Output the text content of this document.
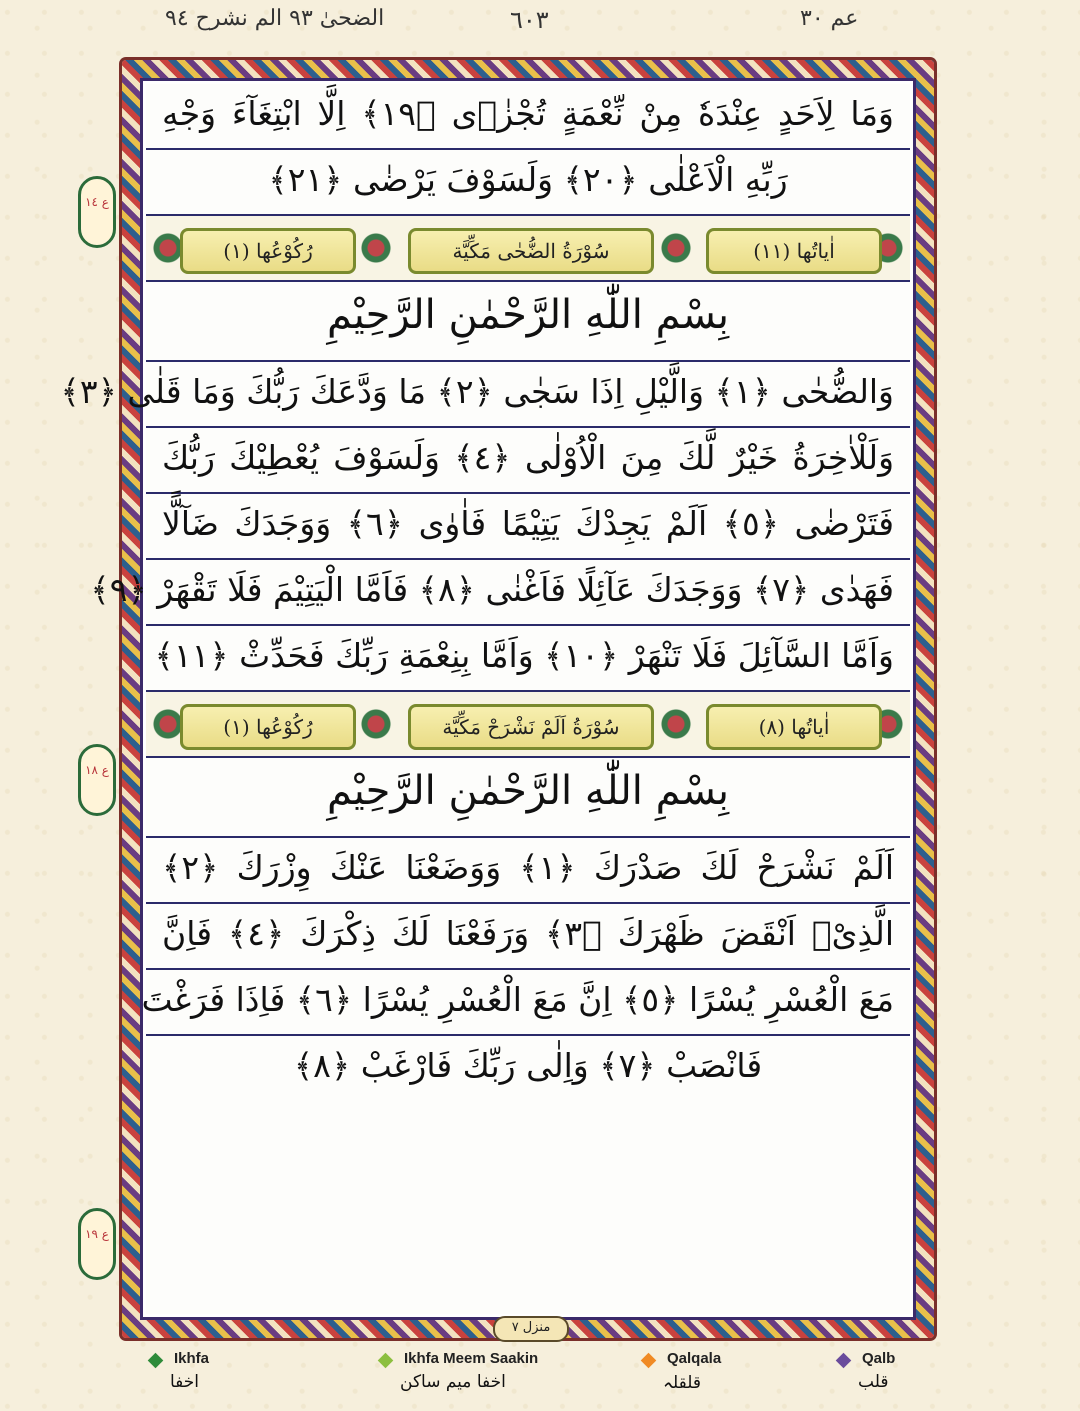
الضحیٰ ٩٣ الم نشرح ٩٤	٦٠٣	عم ٣٠
وَمَا لِاَحَدٍ عِنْدَهٗ مِنْ نِّعْمَةٍ تُجْزٰۤى ﴿١٩﴾ اِلَّا ابْتِغَآءَ وَجْهِ
رَبِّهِ الْاَعْلٰى ﴿٢٠﴾ وَلَسَوْفَ يَرْضٰى ﴿٢١﴾
رُکُوْعُها (١)	سُوْرَةُ الضُّحٰی مَکِّیَّة	اٰیاتُها (١١)
بِسْمِ اللّٰهِ الرَّحْمٰنِ الرَّحِيْمِ
وَالضُّحٰى ﴿١﴾ وَالَّيْلِ اِذَا سَجٰى ﴿٢﴾ مَا وَدَّعَكَ رَبُّكَ وَمَا قَلٰى ﴿٣﴾
وَلَلْاٰخِرَةُ خَيْرٌ لَّكَ مِنَ الْاُوْلٰى ﴿٤﴾ وَلَسَوْفَ يُعْطِيْكَ رَبُّكَ
فَتَرْضٰى ﴿٥﴾ اَلَمْ يَجِدْكَ يَتِيْمًا فَاٰوٰى ﴿٦﴾ وَوَجَدَكَ ضَآلًّا
فَهَدٰى ﴿٧﴾ وَوَجَدَكَ عَآئِلًا فَاَغْنٰى ﴿٨﴾ فَاَمَّا الْيَتِيْمَ فَلَا تَقْهَرْ ﴿٩﴾
وَاَمَّا السَّآئِلَ فَلَا تَنْهَرْ ﴿١٠﴾ وَاَمَّا بِنِعْمَةِ رَبِّكَ فَحَدِّثْ ﴿١١﴾
رُکُوْعُها (١)	سُوْرَةُ اَلَمْ نَشْرَحْ مَکِّیَّة	اٰیاتُها (٨)
بِسْمِ اللّٰهِ الرَّحْمٰنِ الرَّحِيْمِ
اَلَمْ نَشْرَحْ لَكَ صَدْرَكَ ﴿١﴾ وَوَضَعْنَا عَنْكَ وِزْرَكَ ﴿٢﴾
الَّذِىْۤ اَنْقَضَ ظَهْرَكَ ﴿٣﴾ وَرَفَعْنَا لَكَ ذِكْرَكَ ﴿٤﴾ فَاِنَّ
مَعَ الْعُسْرِ يُسْرًا ﴿٥﴾ اِنَّ مَعَ الْعُسْرِ يُسْرًا ﴿٦﴾ فَاِذَا فَرَغْتَ
فَانْصَبْ ﴿٧﴾ وَاِلٰى رَبِّكَ فَارْغَبْ ﴿٨﴾
ع ١٤
ع ١٨
ع ١٩
منزل ٧
Ikhfa
اخفا
Ikhfa Meem Saakin
اخفا میم ساکن
Qalqala
قلقلہ
Qalb
قلب
